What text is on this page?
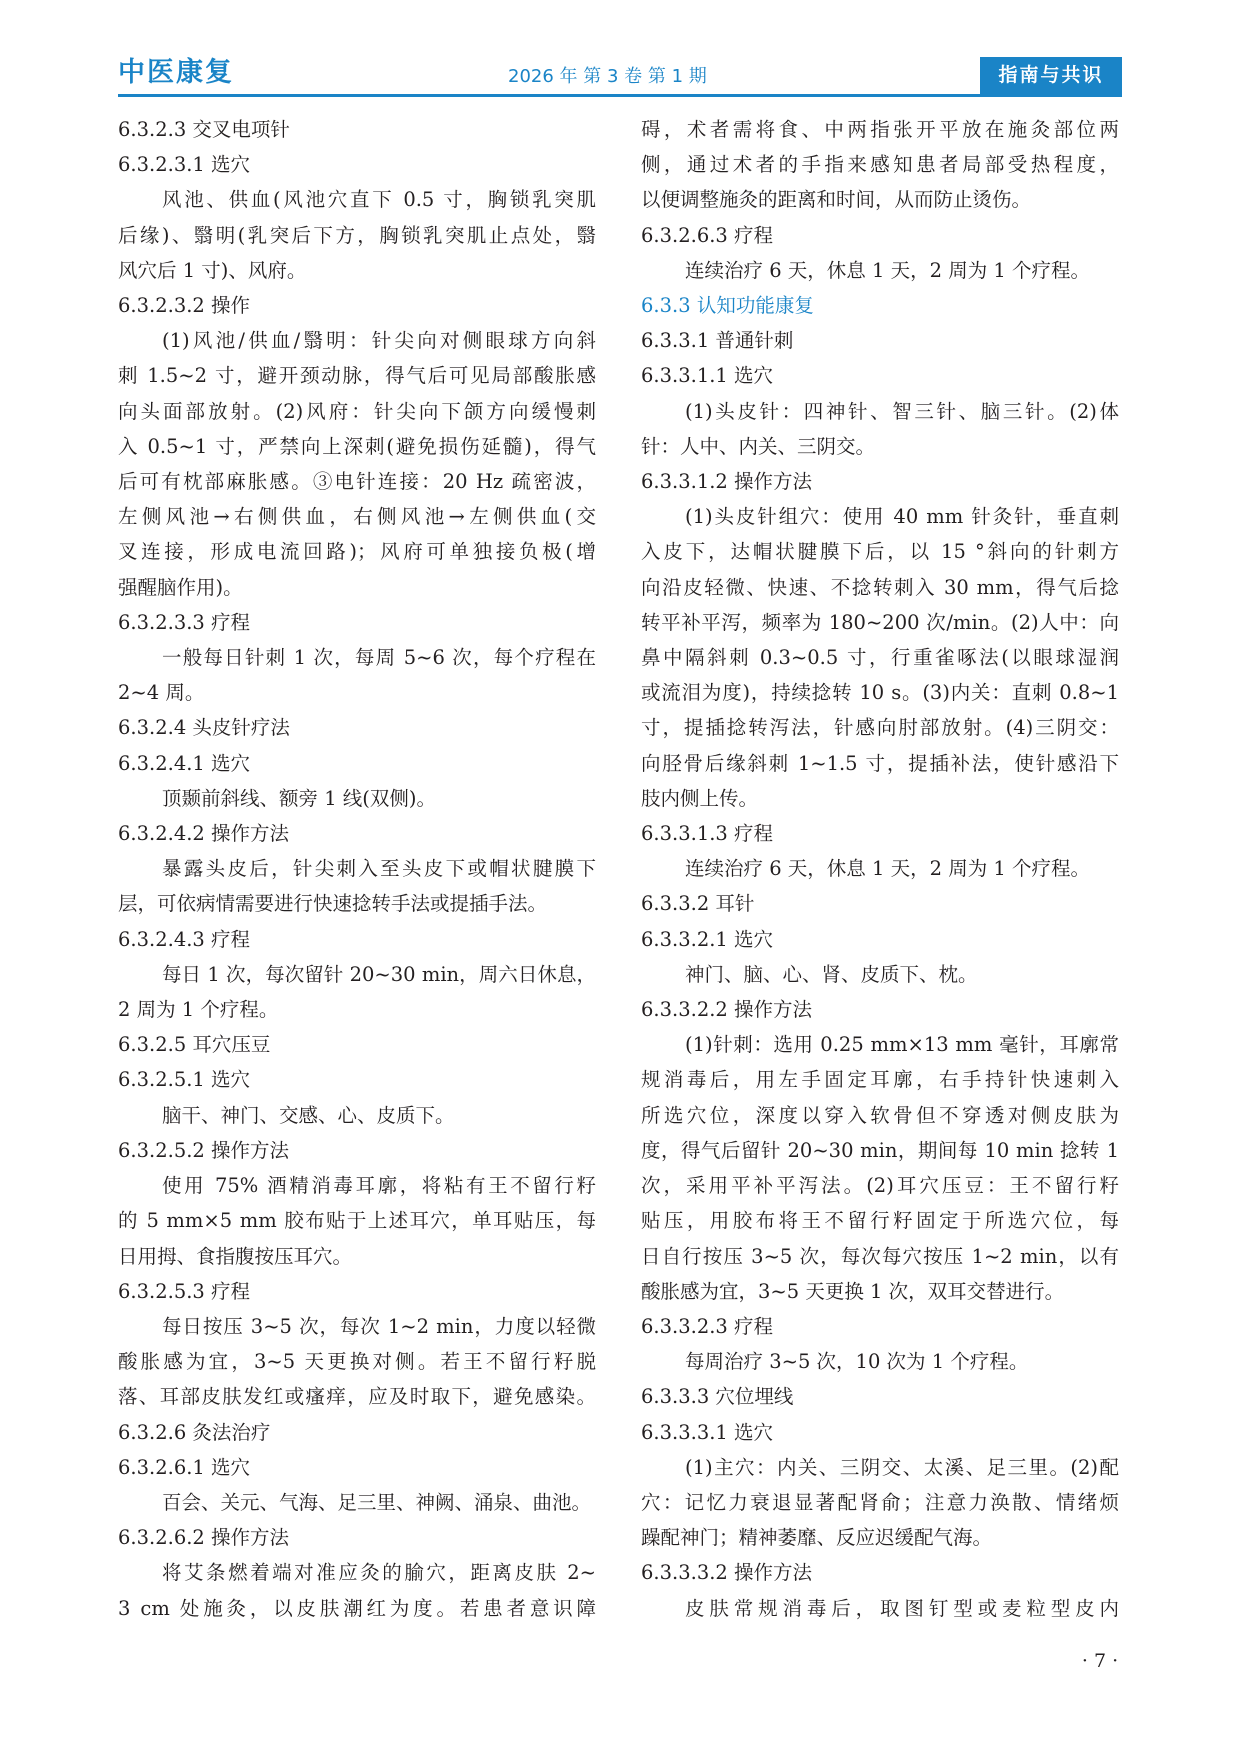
中医康复	2026 年 第 3 卷 第 1 期	指南与共识

6.3.2.3 交叉电项针

6.3.2.3.1 选穴

风池、供血(风池穴直下 0.5 寸，胸锁乳突肌

后缘)、翳明(乳突后下方，胸锁乳突肌止点处，翳

风穴后 1 寸)、风府。

6.3.2.3.2 操作

(1)风池/供血/翳明：针尖向对侧眼球方向斜

刺 1.5~2 寸，避开颈动脉，得气后可见局部酸胀感

向头面部放射。(2)风府：针尖向下颌方向缓慢刺

入 0.5~1 寸，严禁向上深刺(避免损伤延髓)，得气

后可有枕部麻胀感。③电针连接：20 Hz 疏密波，

左侧风池→右侧供血，右侧风池→左侧供血(交

叉连接，形成电流回路)；风府可单独接负极(增

强醒脑作用)。

6.3.2.3.3 疗程

一般每日针刺 1 次，每周 5~6 次，每个疗程在

2~4 周。

6.3.2.4 头皮针疗法

6.3.2.4.1 选穴

顶颞前斜线、额旁 1 线(双侧)。

6.3.2.4.2 操作方法

暴露头皮后，针尖刺入至头皮下或帽状腱膜下

层，可依病情需要进行快速捻转手法或提插手法。

6.3.2.4.3 疗程

每日 1 次，每次留针 20~30 min，周六日休息，

2 周为 1 个疗程。

6.3.2.5 耳穴压豆

6.3.2.5.1 选穴

脑干、神门、交感、心、皮质下。

6.3.2.5.2 操作方法

使用 75% 酒精消毒耳廓，将粘有王不留行籽

的 5 mm×5 mm 胶布贴于上述耳穴，单耳贴压，每

日用拇、食指腹按压耳穴。

6.3.2.5.3 疗程

每日按压 3~5 次，每次 1~2 min，力度以轻微

酸胀感为宜，3~5 天更换对侧。若王不留行籽脱

落、耳部皮肤发红或瘙痒，应及时取下，避免感染。

6.3.2.6 灸法治疗

6.3.2.6.1 选穴

百会、关元、气海、足三里、神阙、涌泉、曲池。

6.3.2.6.2 操作方法

将艾条燃着端对准应灸的腧穴，距离皮肤 2~

3 cm 处施灸，以皮肤潮红为度。若患者意识障

碍，术者需将食、中两指张开平放在施灸部位两

侧，通过术者的手指来感知患者局部受热程度，

以便调整施灸的距离和时间，从而防止烫伤。

6.3.2.6.3 疗程

连续治疗 6 天，休息 1 天，2 周为 1 个疗程。

6.3.3 认知功能康复

6.3.3.1 普通针刺

6.3.3.1.1 选穴

(1)头皮针：四神针、智三针、脑三针。(2)体

针：人中、内关、三阴交。

6.3.3.1.2 操作方法

(1)头皮针组穴：使用 40 mm 针灸针，垂直刺

入皮下，达帽状腱膜下后，以 15 °斜向的针刺方

向沿皮轻微、快速、不捻转刺入 30 mm，得气后捻

转平补平泻，频率为 180~200 次/min。(2)人中：向

鼻中隔斜刺 0.3~0.5 寸，行重雀啄法(以眼球湿润

或流泪为度)，持续捻转 10 s。(3)内关：直刺 0.8~1

寸，提插捻转泻法，针感向肘部放射。(4)三阴交：

向胫骨后缘斜刺 1~1.5 寸，提插补法，使针感沿下

肢内侧上传。

6.3.3.1.3 疗程

连续治疗 6 天，休息 1 天，2 周为 1 个疗程。

6.3.3.2 耳针

6.3.3.2.1 选穴

神门、脑、心、肾、皮质下、枕。

6.3.3.2.2 操作方法

(1)针刺：选用 0.25 mm×13 mm 毫针，耳廓常

规消毒后，用左手固定耳廓，右手持针快速刺入

所选穴位，深度以穿入软骨但不穿透对侧皮肤为

度，得气后留针 20~30 min，期间每 10 min 捻转 1

次，采用平补平泻法。(2)耳穴压豆：王不留行籽

贴压，用胶布将王不留行籽固定于所选穴位，每

日自行按压 3~5 次，每次每穴按压 1~2 min，以有

酸胀感为宜，3~5 天更换 1 次，双耳交替进行。

6.3.3.2.3 疗程

每周治疗 3~5 次，10 次为 1 个疗程。

6.3.3.3 穴位埋线

6.3.3.3.1 选穴

(1)主穴：内关、三阴交、太溪、足三里。(2)配

穴：记忆力衰退显著配肾俞；注意力涣散、情绪烦

躁配神门；精神萎靡、反应迟缓配气海。

6.3.3.3.2 操作方法

皮肤常规消毒后，取图钉型或麦粒型皮内

· 7 ·
